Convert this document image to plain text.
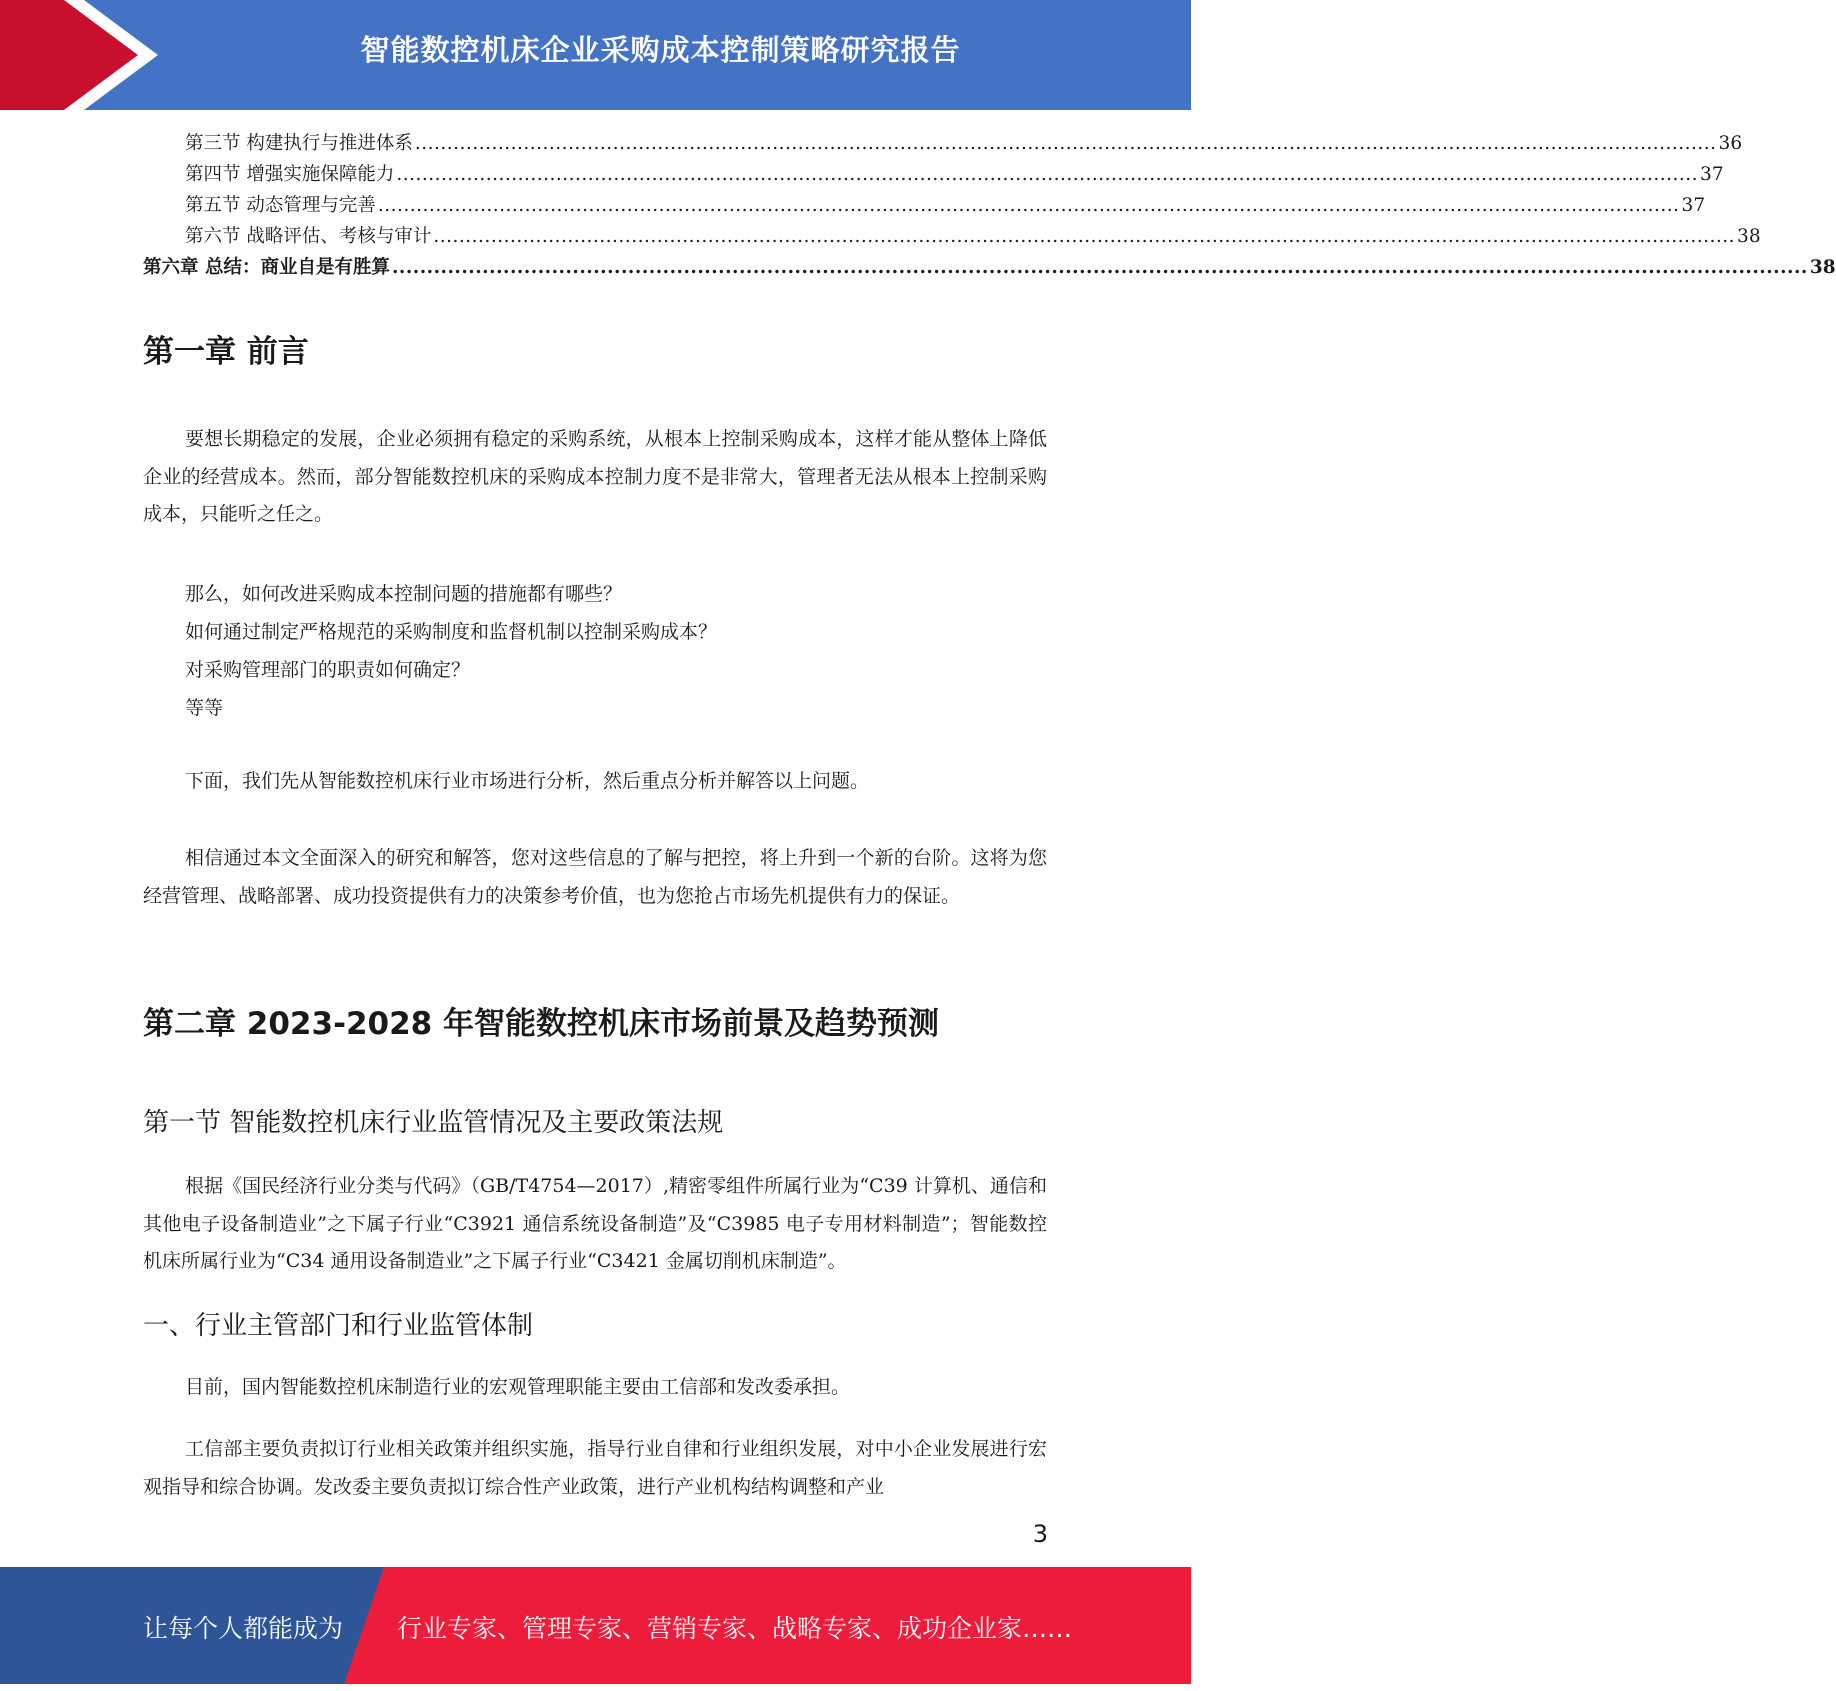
智能数控机床企业采购成本控制策略研究报告
第三节 构建执行与推进体系 ............................................................................................................................................................................................................ 36
第四节 增强实施保障能力 ............................................................................................................................................................................................................ 37
第五节 动态管理与完善 ............................................................................................................................................................................................................ 37
第六节 战略评估、考核与审计 ............................................................................................................................................................................................................ 38
第六章 总结：商业自是有胜算 ............................................................................................................................................................................................................ 38
第一章 前言

要想长期稳定的发展，企业必须拥有稳定的采购系统，从根本上控制采购成本，这样才能从整体上降低企业的经营成本。然而，部分智能数控机床的采购成本控制力度不是非常大，管理者无法从根本上控制采购成本，只能听之任之。

那么，如何改进采购成本控制问题的措施都有哪些？

如何通过制定严格规范的采购制度和监督机制以控制采购成本？

对采购管理部门的职责如何确定？

等等

下面，我们先从智能数控机床行业市场进行分析，然后重点分析并解答以上问题。

相信通过本文全面深入的研究和解答，您对这些信息的了解与把控，将上升到一个新的台阶。这将为您经营管理、战略部署、成功投资提供有力的决策参考价值，也为您抢占市场先机提供有力的保证。

第二章 2023-2028 年智能数控机床市场前景及趋势预测
第一节 智能数控机床行业监管情况及主要政策法规

根据《国民经济行业分类与代码》（GB/T4754—2017）,精密零组件所属行业为“C39 计算机、通信和其他电子设备制造业”之下属子行业“C3921 通信系统设备制造”及“C3985 电子专用材料制造”；智能数控机床所属行业为“C34 通用设备制造业”之下属子行业“C3421 金属切削机床制造”。

一、行业主管部门和行业监管体制

目前，国内智能数控机床制造行业的宏观管理职能主要由工信部和发改委承担。

工信部主要负责拟订行业相关政策并组织实施，指导行业自律和行业组织发展，对中小企业发展进行宏观指导和综合协调。发改委主要负责拟订综合性产业政策，进行产业机构结构调整和产业

3
让每个人都能成为 行业专家、管理专家、营销专家、战略专家、成功企业家……
